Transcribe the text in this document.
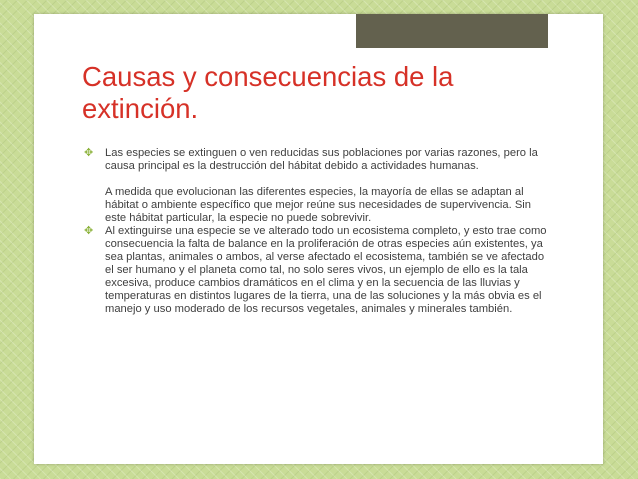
Causas y consecuencias de la extinción.
✥ Las especies se extinguen o ven reducidas sus poblaciones por varias razones, pero la causa principal es la destrucción del hábitat debido a actividades humanas.

A medida que evolucionan las diferentes especies, la mayoría de ellas se adaptan al hábitat o ambiente específico que mejor reúne sus necesidades de supervivencia. Sin este hábitat particular, la especie no puede sobrevivir.

✥ Al extinguirse una especie se ve alterado todo un ecosistema completo, y esto trae como consecuencia la falta de balance en la proliferación de otras especies aún existentes, ya sea plantas, animales o ambos, al verse afectado el ecosistema, también se ve afectado el ser humano y el planeta como tal, no solo seres vivos, un ejemplo de ello es la tala excesiva, produce cambios dramáticos en el clima y en la secuencia de las lluvias y temperaturas en distintos lugares de la tierra, una de las soluciones y la más obvia es el manejo y uso moderado de los recursos vegetales, animales y minerales también.
